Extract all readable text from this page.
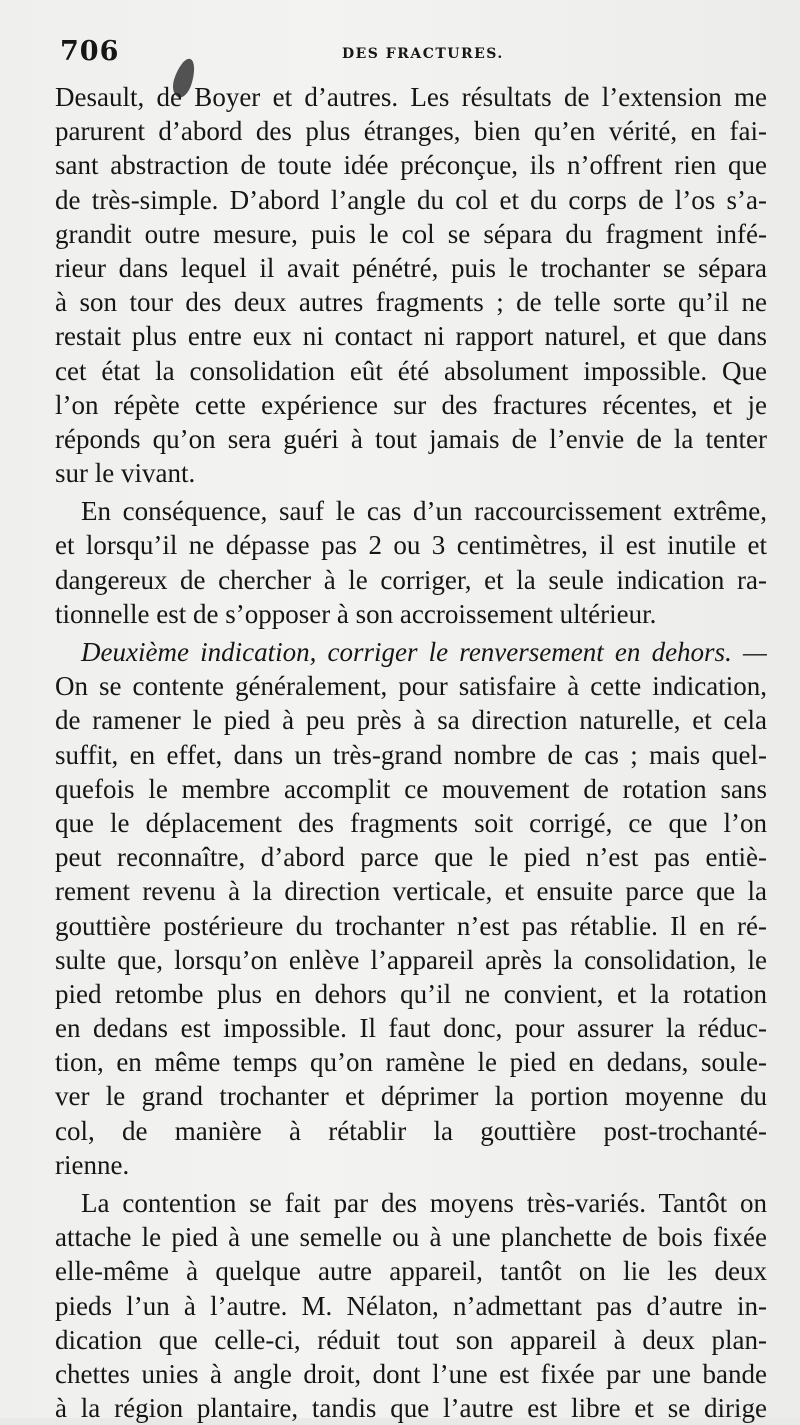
706	DES FRACTURES.
Desault, de Boyer et d’autres. Les résultats de l’extension me
parurent d’abord des plus étranges, bien qu’en vérité, en fai-
sant abstraction de toute idée préconçue, ils n’offrent rien que
de très-simple. D’abord l’angle du col et du corps de l’os s’a-
grandit outre mesure, puis le col se sépara du fragment infé-
rieur dans lequel il avait pénétré, puis le trochanter se sépara
à son tour des deux autres fragments ; de telle sorte qu’il ne
restait plus entre eux ni contact ni rapport naturel, et que dans
cet état la consolidation eût été absolument impossible. Que
l’on répète cette expérience sur des fractures récentes, et je
réponds qu’on sera guéri à tout jamais de l’envie de la tenter
sur le vivant.
En conséquence, sauf le cas d’un raccourcissement extrême,
et lorsqu’il ne dépasse pas 2 ou 3 centimètres, il est inutile et
dangereux de chercher à le corriger, et la seule indication ra-
tionnelle est de s’opposer à son accroissement ultérieur.
Deuxième indication, corriger le renversement en dehors. —
On se contente généralement, pour satisfaire à cette indication,
de ramener le pied à peu près à sa direction naturelle, et cela
suffit, en effet, dans un très-grand nombre de cas ; mais quel-
quefois le membre accomplit ce mouvement de rotation sans
que le déplacement des fragments soit corrigé, ce que l’on
peut reconnaître, d’abord parce que le pied n’est pas entiè-
rement revenu à la direction verticale, et ensuite parce que la
gouttière postérieure du trochanter n’est pas rétablie. Il en ré-
sulte que, lorsqu’on enlève l’appareil après la consolidation, le
pied retombe plus en dehors qu’il ne convient, et la rotation
en dedans est impossible. Il faut donc, pour assurer la réduc-
tion, en même temps qu’on ramène le pied en dedans, soule-
ver le grand trochanter et déprimer la portion moyenne du
col, de manière à rétablir la gouttière post-trochanté-
rienne.
La contention se fait par des moyens très-variés. Tantôt on
attache le pied à une semelle ou à une planchette de bois fixée
elle-même à quelque autre appareil, tantôt on lie les deux
pieds l’un à l’autre. M. Nélaton, n’admettant pas d’autre in-
dication que celle-ci, réduit tout son appareil à deux plan-
chettes unies à angle droit, dont l’une est fixée par une bande
à la région plantaire, tandis que l’autre est libre et se dirige
